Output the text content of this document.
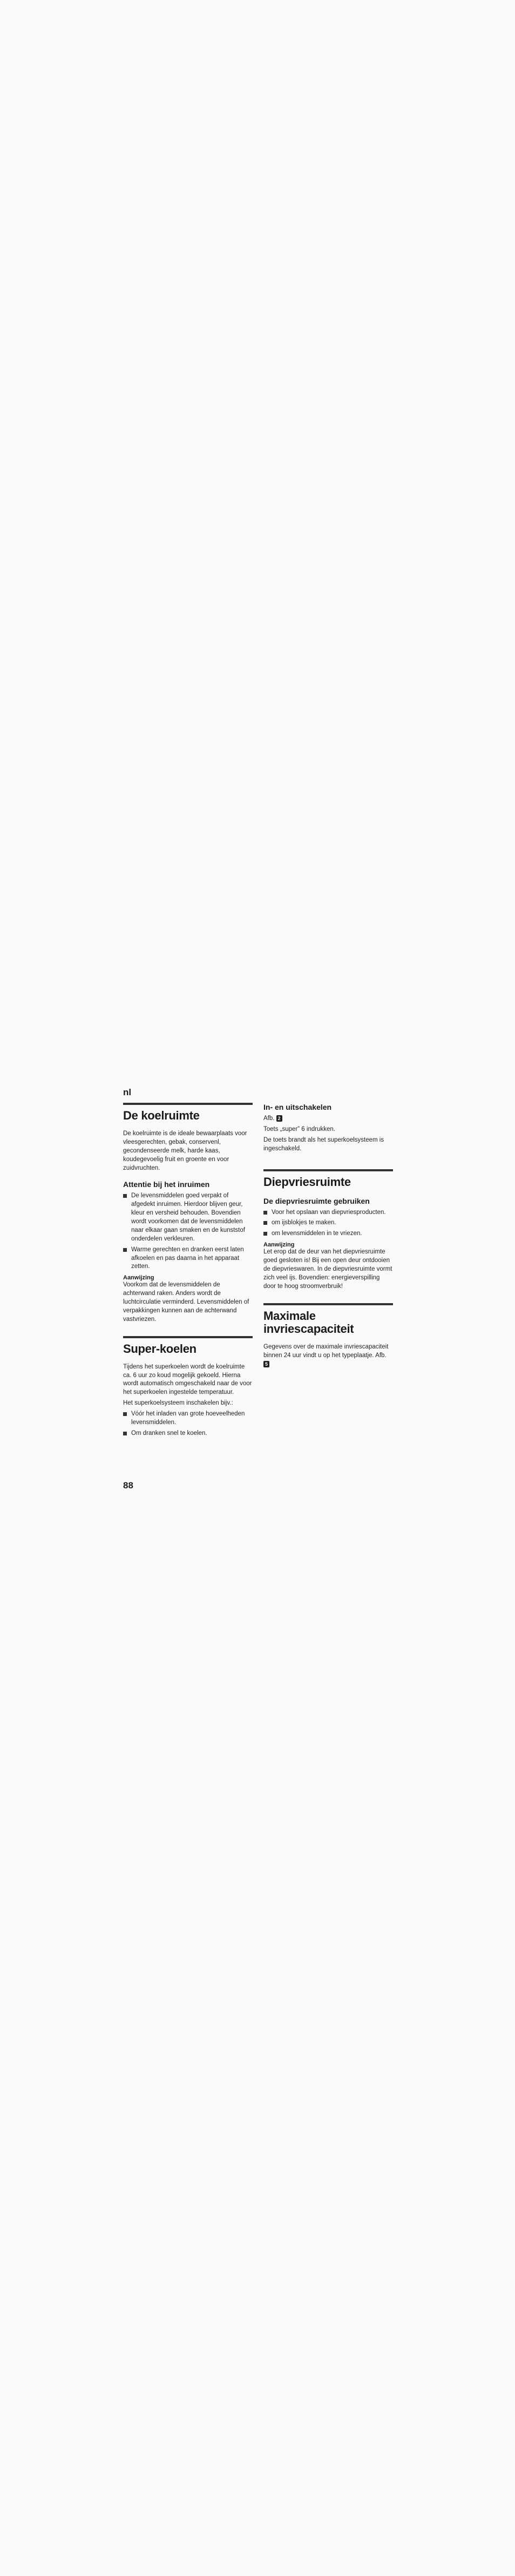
nl
De koelruimte

De koelruimte is de ideale bewaarplaats voor vleesgerechten, gebak, conservenl, gecondenseerde melk, harde kaas, koudegevoelig fruit en groente en voor zuidvruchten.

Attentie bij het inruimen
De levensmiddelen goed verpakt of afgedekt inruimen. Hierdoor blijven geur, kleur en versheid behouden. Bovendien wordt voorkomen dat de levensmiddelen naar elkaar gaan smaken en de kunststof onderdelen verkleuren.
Warme gerechten en dranken eerst laten afkoelen en pas daarna in het apparaat zetten.
Aanwijzing

Voorkom dat de levensmiddelen de achterwand raken. Anders wordt de luchtcirculatie verminderd. Levensmiddelen of verpakkingen kunnen aan de achterwand vastvriezen.

Super-koelen

Tijdens het superkoelen wordt de koelruimte ca. 6 uur zo koud mogelijk gekoeld. Hierna wordt automatisch omgeschakeld naar de voor het superkoelen ingestelde temperatuur.

Het superkoelsysteem inschakelen bijv.:

Vóór het inladen van grote hoeveelheden levensmiddelen.
Om dranken snel te koelen.
In- en uitschakelen

Afb. 2

Toets „super” 6 indrukken.

De toets brandt als het superkoelsysteem is ingeschakeld.

Diepvriesruimte
De diepvriesruimte gebruiken
Voor het opslaan van diepvriesproducten.
om ijsblokjes te maken.
om levensmiddelen in te vriezen.
Aanwijzing

Let erop dat de deur van het diepvriesruimte goed gesloten is! Bij een open deur ontdooien de diepvrieswaren. In de diepvriesruimte vormt zich veel ijs. Bovendien: energieverspilling door te hoog stroomverbruik!

Maximale invriescapaciteit

Gegevens over de maximale invriescapaciteit binnen 24 uur vindt u op het typeplaatje. Afb. 5

88
